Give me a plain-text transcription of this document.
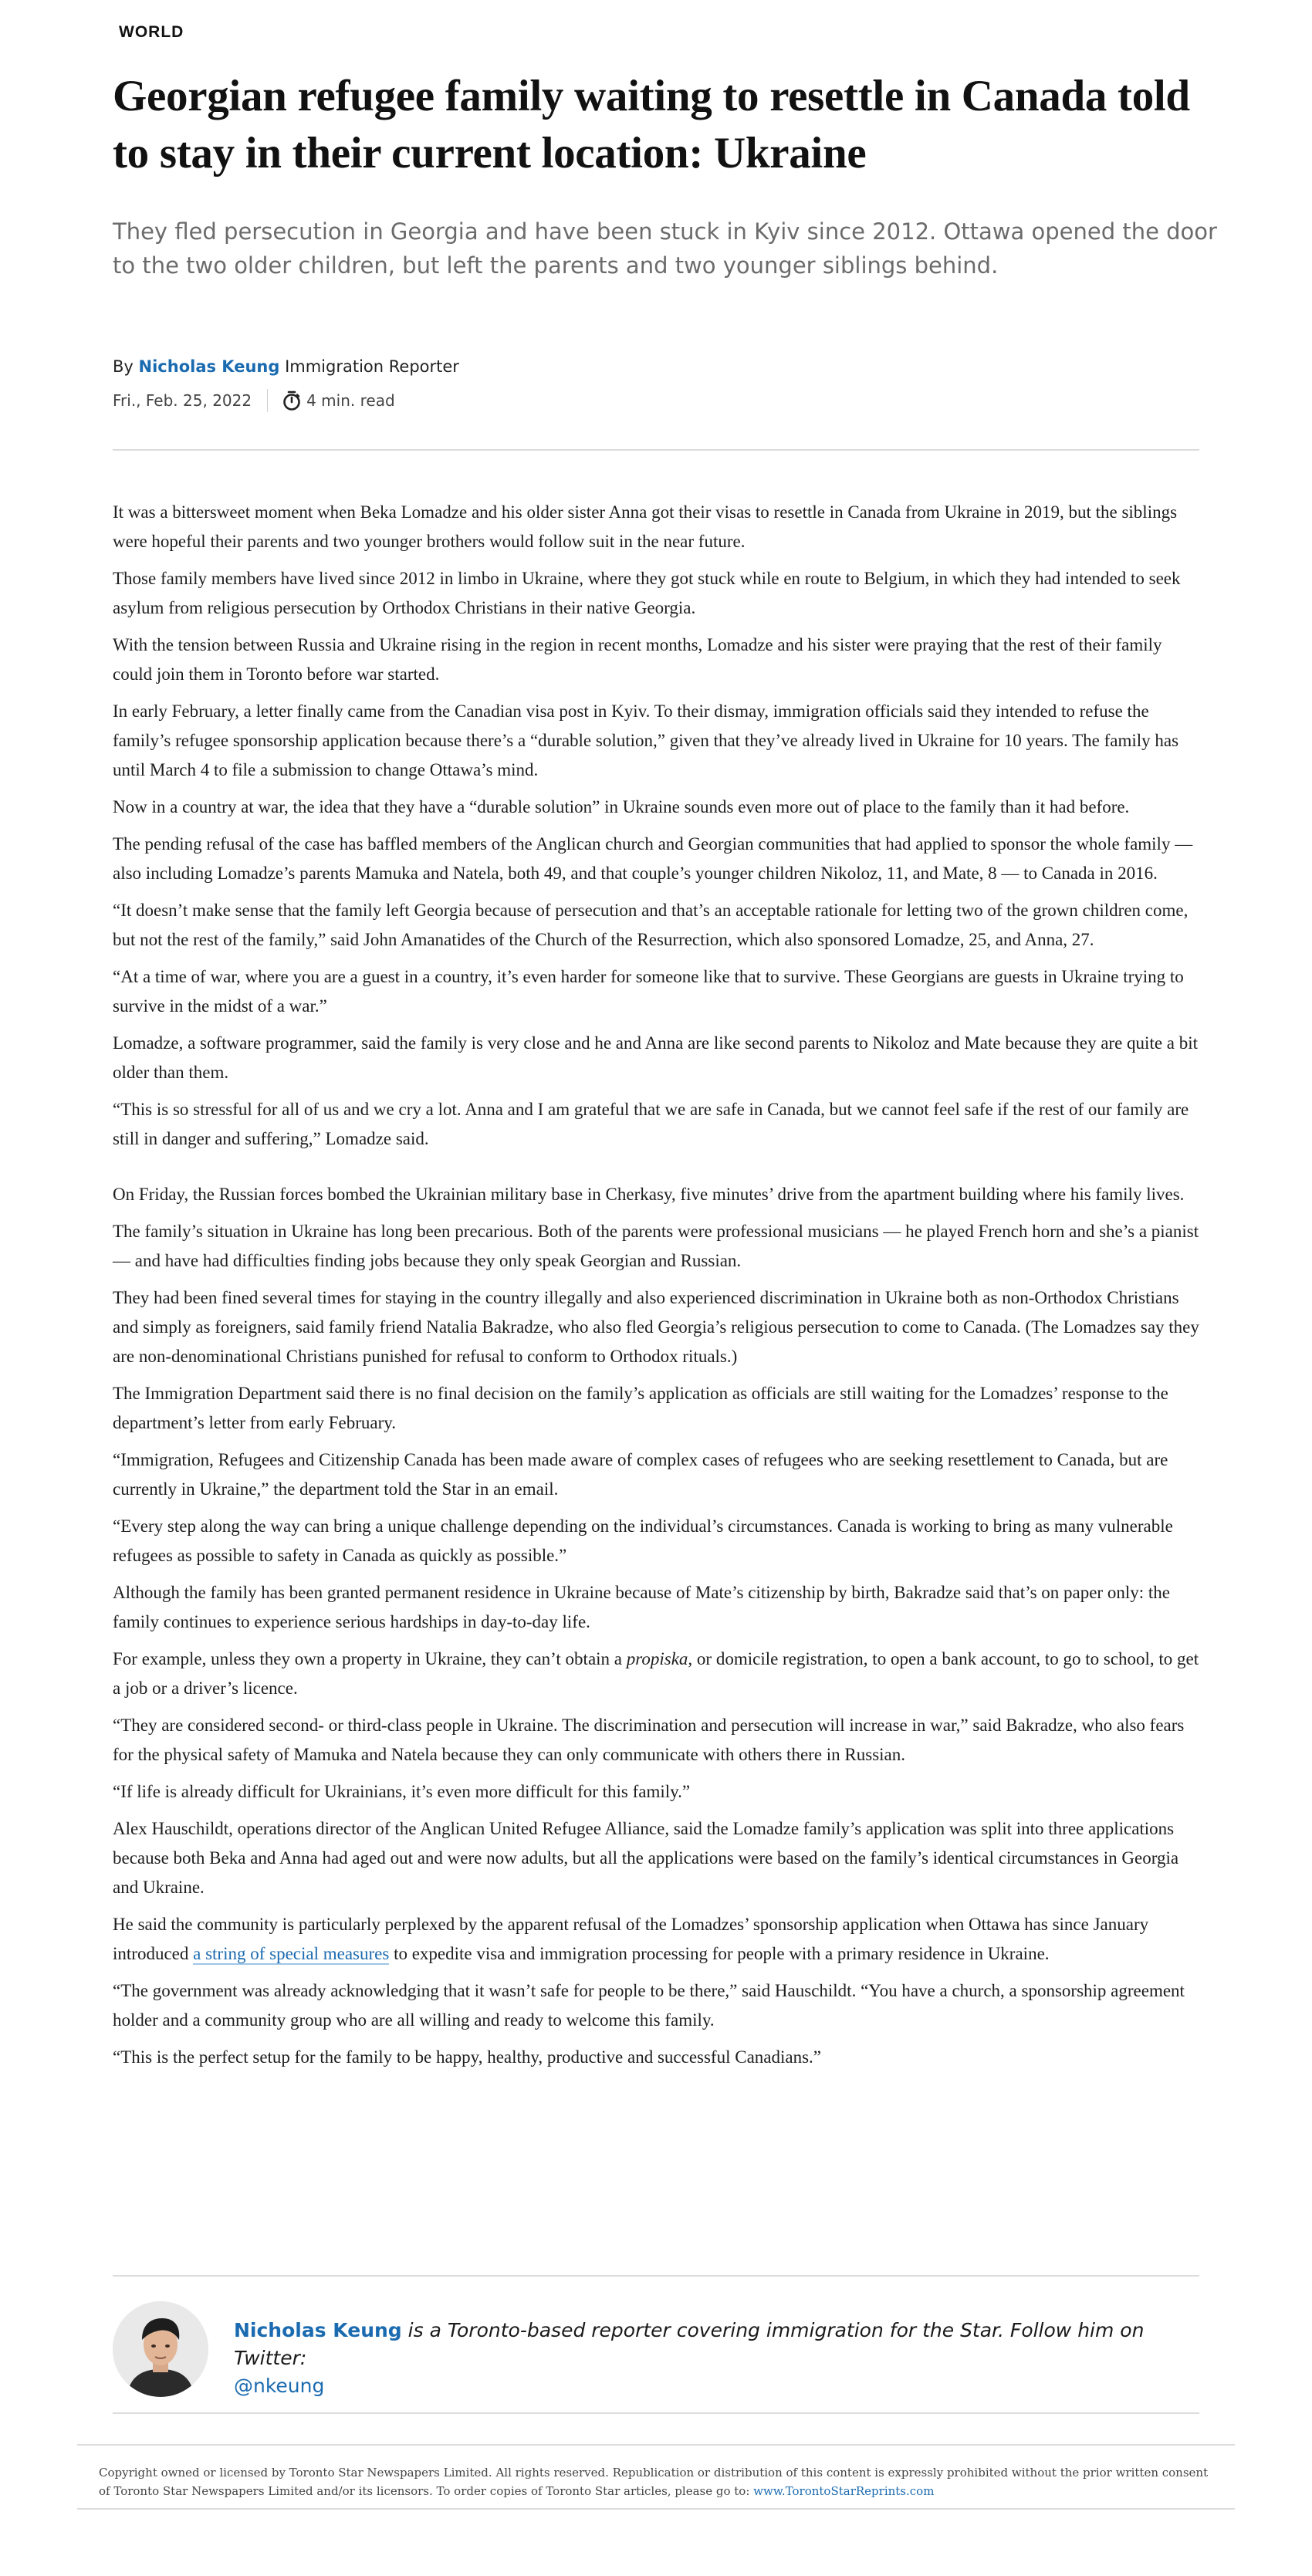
WORLD
Georgian refugee family waiting to resettle in Canada told to stay in their current location: Ukraine

They fled persecution in Georgia and have been stuck in Kyiv since 2012. Ottawa opened the door to the two older children, but left the parents and two younger siblings behind.

By Nicholas Keung Immigration Reporter
Fri., Feb. 25, 2022	4 min. read

It was a bittersweet moment when Beka Lomadze and his older sister Anna got their visas to resettle in Canada from Ukraine in 2019, but the siblings were hopeful their parents and two younger brothers would follow suit in the near future.

Those family members have lived since 2012 in limbo in Ukraine, where they got stuck while en route to Belgium, in which they had intended to seek asylum from religious persecution by Orthodox Christians in their native Georgia.

With the tension between Russia and Ukraine rising in the region in recent months, Lomadze and his sister were praying that the rest of their family could join them in Toronto before war started.

In early February, a letter finally came from the Canadian visa post in Kyiv. To their dismay, immigration officials said they intended to refuse the family’s refugee sponsorship application because there’s a “durable solution,” given that they’ve already lived in Ukraine for 10 years. The family has until March 4 to file a submission to change Ottawa’s mind.

Now in a country at war, the idea that they have a “durable solution” in Ukraine sounds even more out of place to the family than it had before.

The pending refusal of the case has baffled members of the Anglican church and Georgian communities that had applied to sponsor the whole family — also including Lomadze’s parents Mamuka and Natela, both 49, and that couple’s younger children Nikoloz, 11, and Mate, 8 — to Canada in 2016.

“It doesn’t make sense that the family left Georgia because of persecution and that’s an acceptable rationale for letting two of the grown children come, but not the rest of the family,” said John Amanatides of the Church of the Resurrection, which also sponsored Lomadze, 25, and Anna, 27.

“At a time of war, where you are a guest in a country, it’s even harder for someone like that to survive. These Georgians are guests in Ukraine trying to survive in the midst of a war.”

Lomadze, a software programmer, said the family is very close and he and Anna are like second parents to Nikoloz and Mate because they are quite a bit older than them.

“This is so stressful for all of us and we cry a lot. Anna and I am grateful that we are safe in Canada, but we cannot feel safe if the rest of our family are still in danger and suffering,” Lomadze said.

On Friday, the Russian forces bombed the Ukrainian military base in Cherkasy, five minutes’ drive from the apartment building where his family lives.

The family’s situation in Ukraine has long been precarious. Both of the parents were professional musicians — he played French horn and she’s a pianist — and have had difficulties finding jobs because they only speak Georgian and Russian.

They had been fined several times for staying in the country illegally and also experienced discrimination in Ukraine both as non-Orthodox Christians and simply as foreigners, said family friend Natalia Bakradze, who also fled Georgia’s religious persecution to come to Canada. (The Lomadzes say they are non-denominational Christians punished for refusal to conform to Orthodox rituals.)

The Immigration Department said there is no final decision on the family’s application as officials are still waiting for the Lomadzes’ response to the department’s letter from early February.

“Immigration, Refugees and Citizenship Canada has been made aware of complex cases of refugees who are seeking resettlement to Canada, but are currently in Ukraine,” the department told the Star in an email.

“Every step along the way can bring a unique challenge depending on the individual’s circumstances. Canada is working to bring as many vulnerable refugees as possible to safety in Canada as quickly as possible.”

Although the family has been granted permanent residence in Ukraine because of Mate’s citizenship by birth, Bakradze said that’s on paper only: the family continues to experience serious hardships in day-to-day life.

For example, unless they own a property in Ukraine, they can’t obtain a propiska, or domicile registration, to open a bank account, to go to school, to get a job or a driver’s licence.

“They are considered second- or third-class people in Ukraine. The discrimination and persecution will increase in war,” said Bakradze, who also fears for the physical safety of Mamuka and Natela because they can only communicate with others there in Russian.

“If life is already difficult for Ukrainians, it’s even more difficult for this family.”

Alex Hauschildt, operations director of the Anglican United Refugee Alliance, said the Lomadze family’s application was split into three applications because both Beka and Anna had aged out and were now adults, but all the applications were based on the family’s identical circumstances in Georgia and Ukraine.

He said the community is particularly perplexed by the apparent refusal of the Lomadzes’ sponsorship application when Ottawa has since January introduced a string of special measures to expedite visa and immigration processing for people with a primary residence in Ukraine.

“The government was already acknowledging that it wasn’t safe for people to be there,” said Hauschildt. “You have a church, a sponsorship agreement holder and a community group who are all willing and ready to welcome this family.

“This is the perfect setup for the family to be happy, healthy, productive and successful Canadians.”

Nicholas Keung is a Toronto-based reporter covering immigration for the Star. Follow him on Twitter:
@nkeung
Copyright owned or licensed by Toronto Star Newspapers Limited. All rights reserved. Republication or distribution of this content is expressly prohibited without the prior written consent of Toronto Star Newspapers Limited and/or its licensors. To order copies of Toronto Star articles, please go to: www.TorontoStarReprints.com
